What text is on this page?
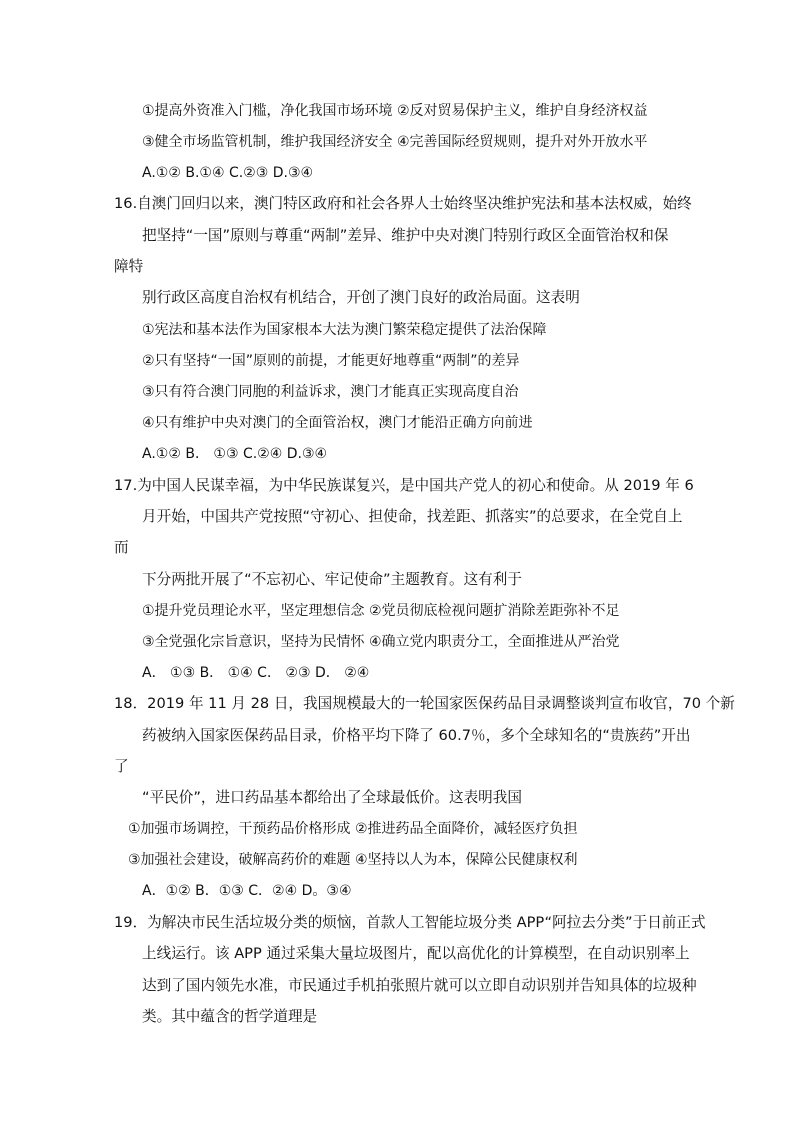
①提高外资准入门槛，净化我国市场环境 ②反对贸易保护主义，维护自身经济权益
③健全市场监管机制，维护我国经济安全 ④完善国际经贸规则，提升对外开放水平
A.①② B.①④ C.②③ D.③④
16.自澳门回归以来，澳门特区政府和社会各界人士始终坚决维护宪法和基本法权威，始终
把坚持“一国”原则与尊重“两制”差异、维护中央对澳门特别行政区全面管治权和保
障特
别行政区高度自治权有机结合，开创了澳门良好的政治局面。这表明
①宪法和基本法作为国家根本大法为澳门繁荣稳定提供了法治保障
②只有坚持“一国”原则的前提，才能更好地尊重“两制”的差异
③只有符合澳门同胞的利益诉求，澳门才能真正实现高度自治
④只有维护中央对澳门的全面管治权，澳门才能沿正确方向前进
A.①② B． ①③ C.②④ D.③④
17.为中国人民谋幸福，为中华民族谋复兴，是中国共产党人的初心和使命。从 2019 年 6
月开始，中国共产党按照“守初心、担使命，找差距、抓落实”的总要求，在全党自上
而
下分两批开展了“不忘初心、牢记使命”主题教育。这有利于
①提升党员理论水平，坚定理想信念 ②党员彻底检视问题扩消除差距弥补不足
③全党强化宗旨意识，坚持为民情怀 ④确立党内职责分工，全面推进从严治党
A． ①③ B． ①④ C． ②③ D． ②④
18．2019 年 11 月 28 日，我国规模最大的一轮国家医保药品目录调整谈判宣布收官，70 个新
药被纳入国家医保药品目录，价格平均下降了 60.7％，多个全球知名的“贵族药”开出
了
“平民价”，进口药品基本都给出了全球最低价。这表明我国
①加强市场调控，干预药品价格形成 ②推进药品全面降价，减轻医疗负担
③加强社会建设，破解高药价的难题 ④坚持以人为本，保障公民健康权利
A．①② B．①③ C．②④ D。③④
19．为解决市民生活垃圾分类的烦恼，首款人工智能垃圾分类 APP“阿拉去分类”于日前正式
上线运行。该 APP 通过采集大量垃圾图片，配以高优化的计算模型，在自动识别率上
达到了国内领先水准，市民通过手机拍张照片就可以立即自动识别并告知具体的垃圾种
类。其中蕴含的哲学道理是
